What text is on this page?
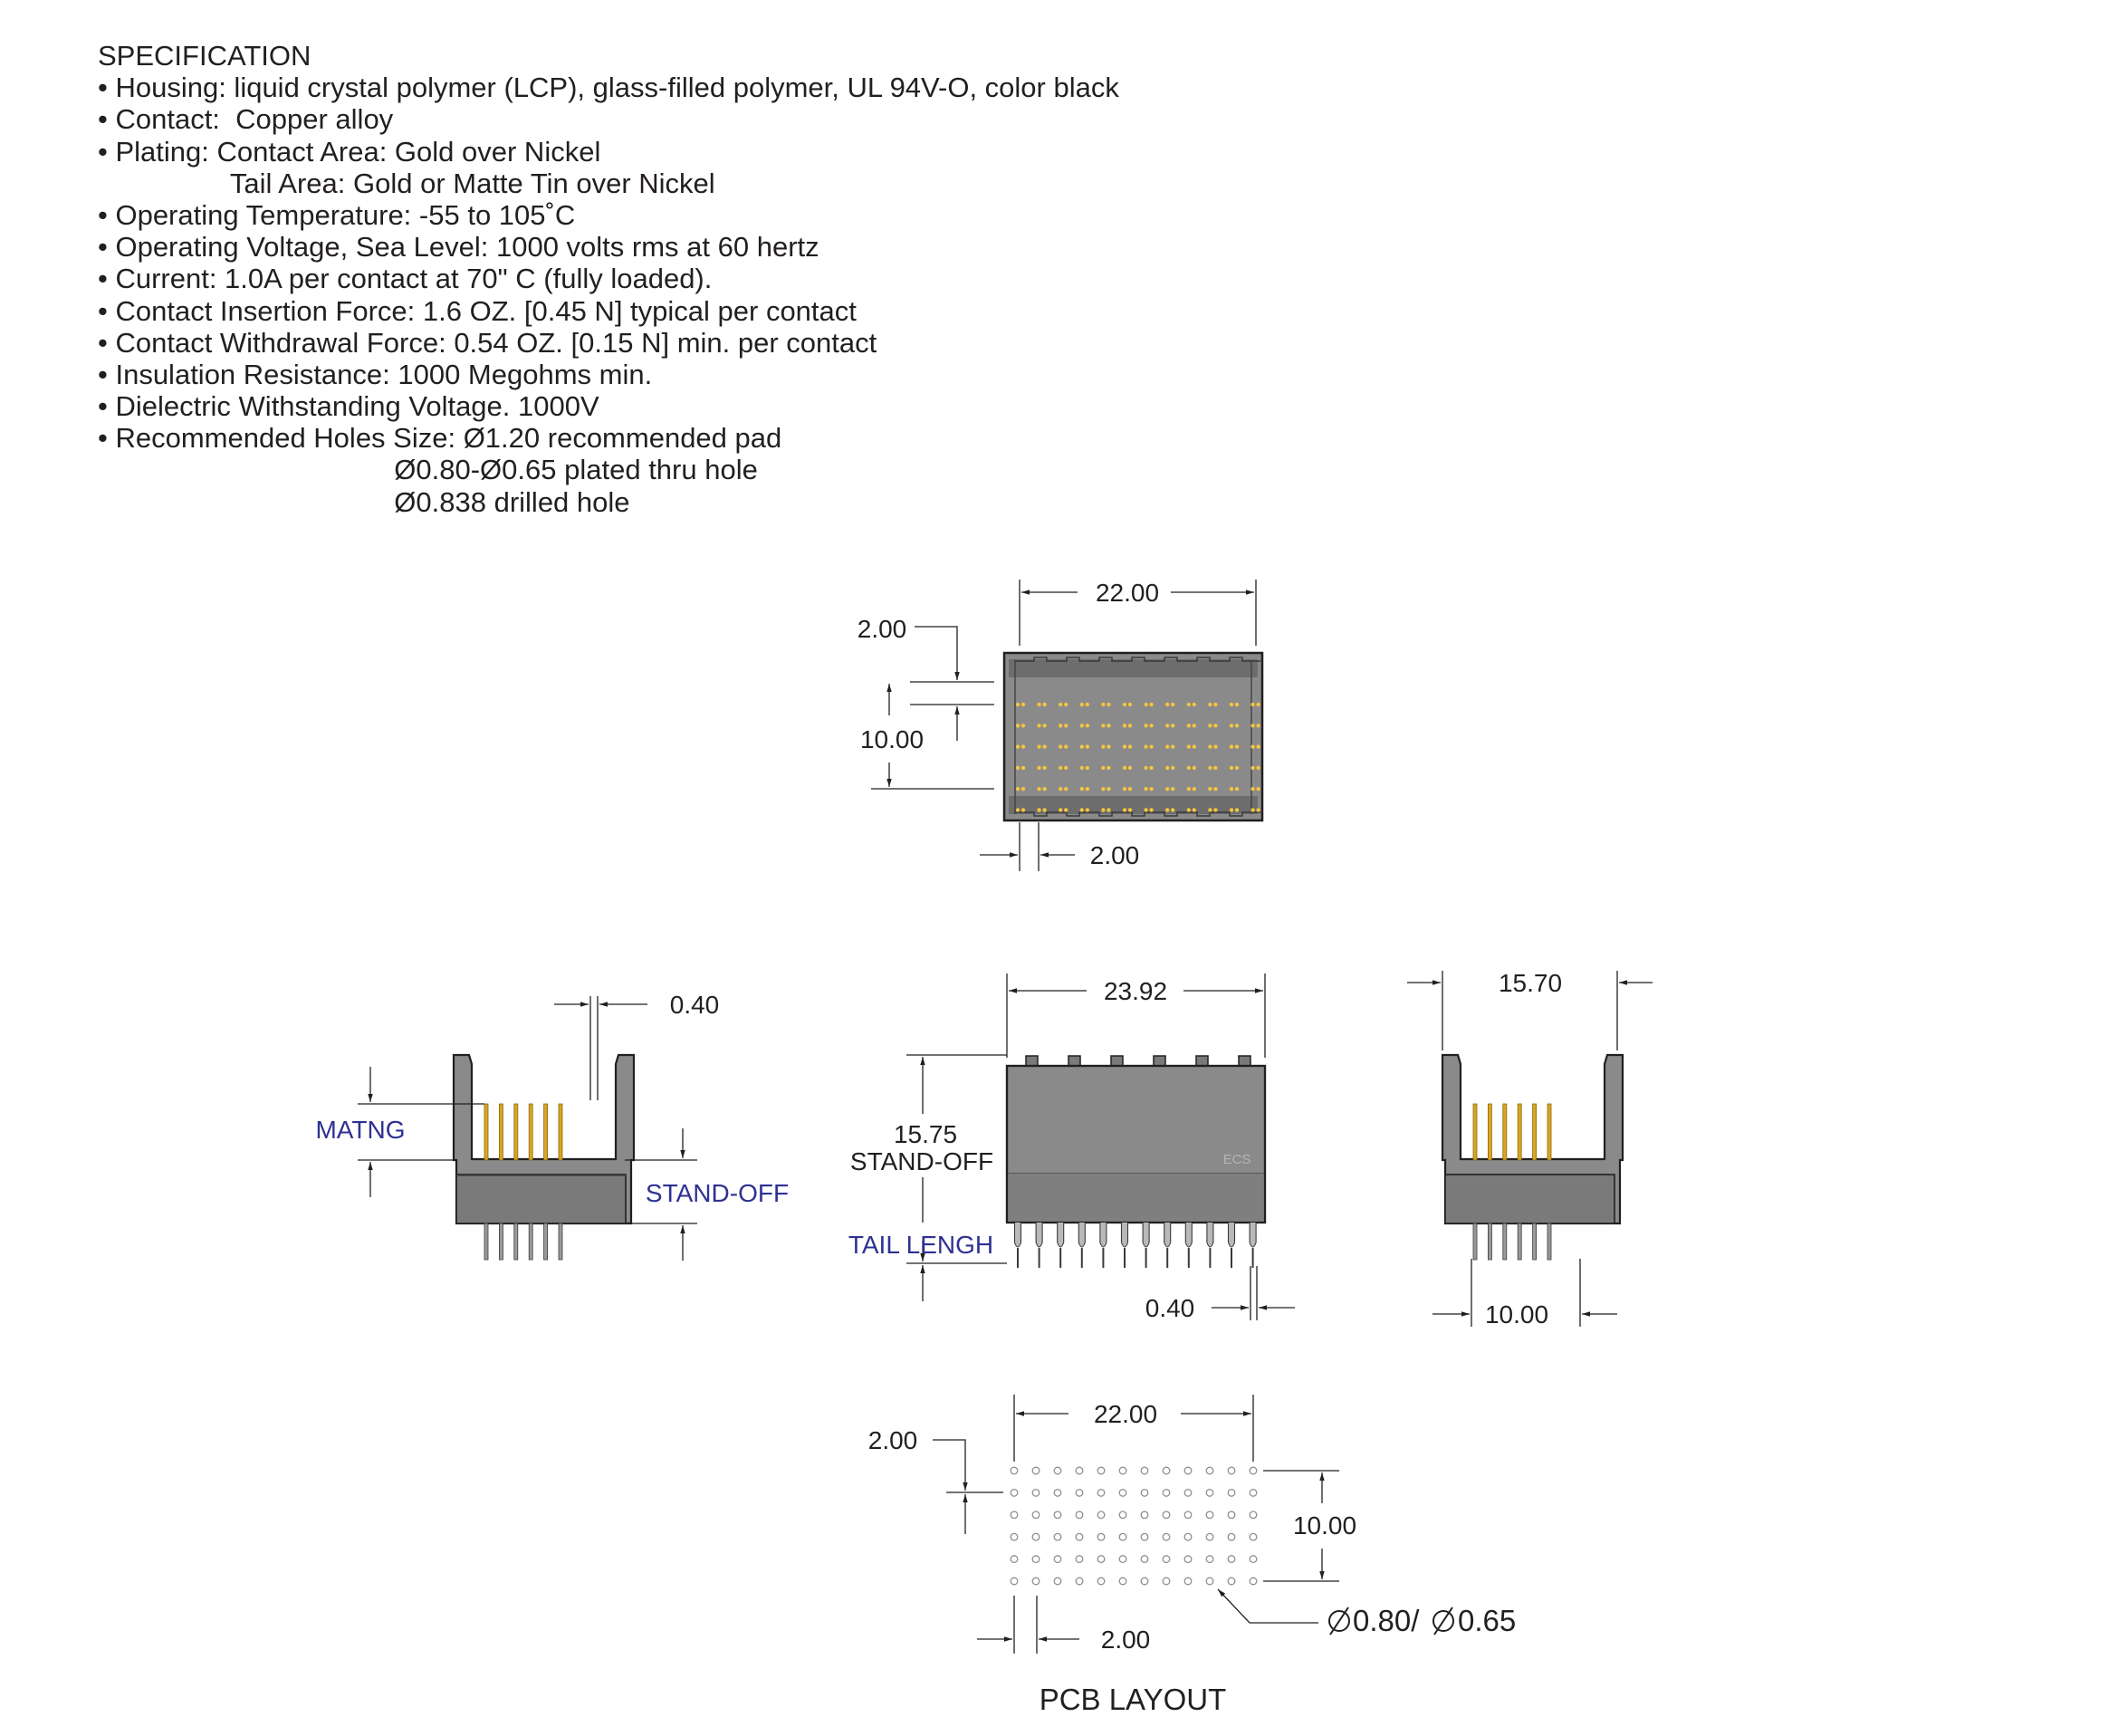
SPECIFICATION
• Housing: liquid crystal polymer (LCP), glass-filled polymer, UL 94V-O, color black
• Contact:  Copper alloy
• Plating: Contact Area: Gold over Nickel
Tail Area: Gold or Matte Tin over Nickel
• Operating Temperature: -55 to 105˚C
• Operating Voltage, Sea Level: 1000 volts rms at 60 hertz
• Current: 1.0A per contact at 70" C (fully loaded).
• Contact Insertion Force: 1.6 OZ. [0.45 N] typical per contact
• Contact Withdrawal Force: 0.54 OZ. [0.15 N] min. per contact
• Insulation Resistance: 1000 Megohms min.
• Dielectric Withstanding Voltage. 1000V
• Recommended Holes Size: Ø1.20 recommended pad
Ø0.80-Ø0.65 plated thru hole
Ø0.838 drilled hole
22.00
2.00
10.00
2.00
0.40
MATNG
STAND-OFF
ECS
23.92
15.75
STAND-OFF
TAIL LENGH
0.40
15.70
10.00
22.00
2.00
10.00
2.00
0.80/ 0.65
PCB LAYOUT
